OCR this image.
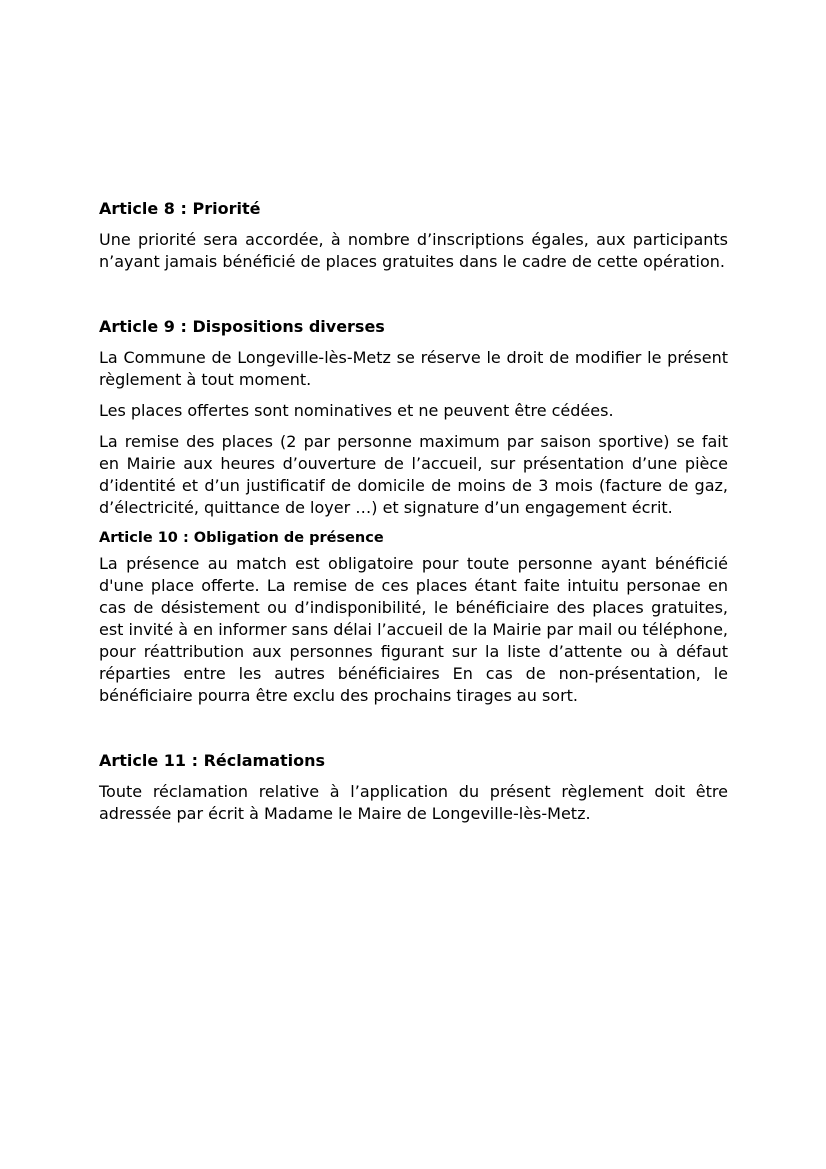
Article 8 : Priorité

Une priorité sera accordée, à nombre d’inscriptions égales, aux participants n’ayant jamais bénéficié de places gratuites dans le cadre de cette opération.

Article 9 : Dispositions diverses

La Commune de Longeville-lès-Metz se réserve le droit de modifier le présent règlement à tout moment.

Les places offertes sont nominatives et ne peuvent être cédées.

La remise des places (2 par personne maximum par saison sportive) se fait en Mairie aux heures d’ouverture de l’accueil, sur présentation d’une pièce d’identité et d’un justificatif de domicile de moins de 3 mois (facture de gaz, d’électricité, quittance de loyer …) et signature d’un engagement écrit.

Article 10 : Obligation de présence

La présence au match est obligatoire pour toute personne ayant bénéficié d'une place offerte. La remise de ces places étant faite intuitu personae en cas de désistement ou d’indisponibilité, le bénéficiaire des places gratuites, est invité à en informer sans délai l’accueil de la Mairie par mail ou téléphone, pour réattribution aux personnes figurant sur la liste d’attente ou à défaut réparties entre les autres bénéficiaires En cas de non-présentation, le bénéficiaire pourra être exclu des prochains tirages au sort.

Article 11 : Réclamations

Toute réclamation relative à l’application du présent règlement doit être adressée par écrit à Madame le Maire de Longeville-lès-Metz.
